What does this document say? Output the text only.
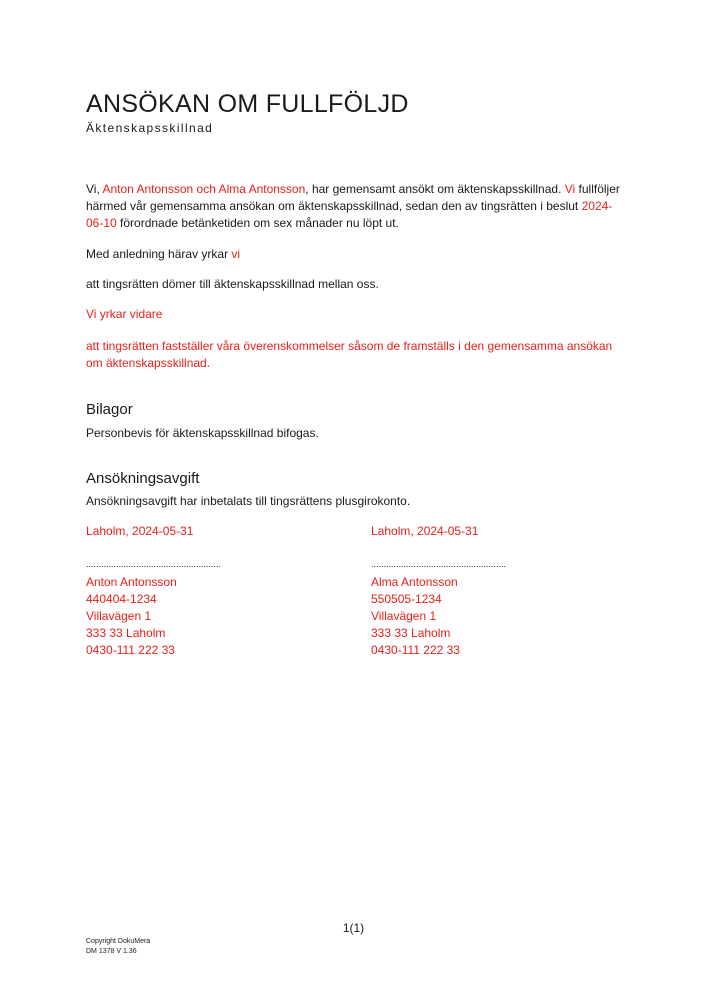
ANSÖKAN OM FULLFÖLJD
Äktenskapsskillnad

Vi, Anton Antonsson och Alma Antonsson, har gemensamt ansökt om äktenskapsskillnad. Vi fullföljer härmed vår gemensamma ansökan om äktenskapsskillnad, sedan den av tingsrätten i beslut 2024-06-10 förordnade betänketiden om sex månader nu löpt ut.

Med anledning härav yrkar vi

att tingsrätten dömer till äktenskapsskillnad mellan oss.

Vi yrkar vidare

att tingsrätten fastställer våra överenskommelser såsom de framställs i den gemensamma ansökan om äktenskapsskillnad.

Bilagor

Personbevis för äktenskapsskillnad bifogas.

Ansökningsavgift

Ansökningsavgift har inbetalats till tingsrättens plusgirokonto.

Laholm, 2024-05-31

......................................................

Anton Antonsson

440404-1234

Villavägen 1

333 33 Laholm

0430-111 222 33

Laholm, 2024-05-31

......................................................

Alma Antonsson

550505-1234

Villavägen 1

333 33 Laholm

0430-111 222 33

1(1)
Copyright DokuMera
DM 1378 V 1.36
